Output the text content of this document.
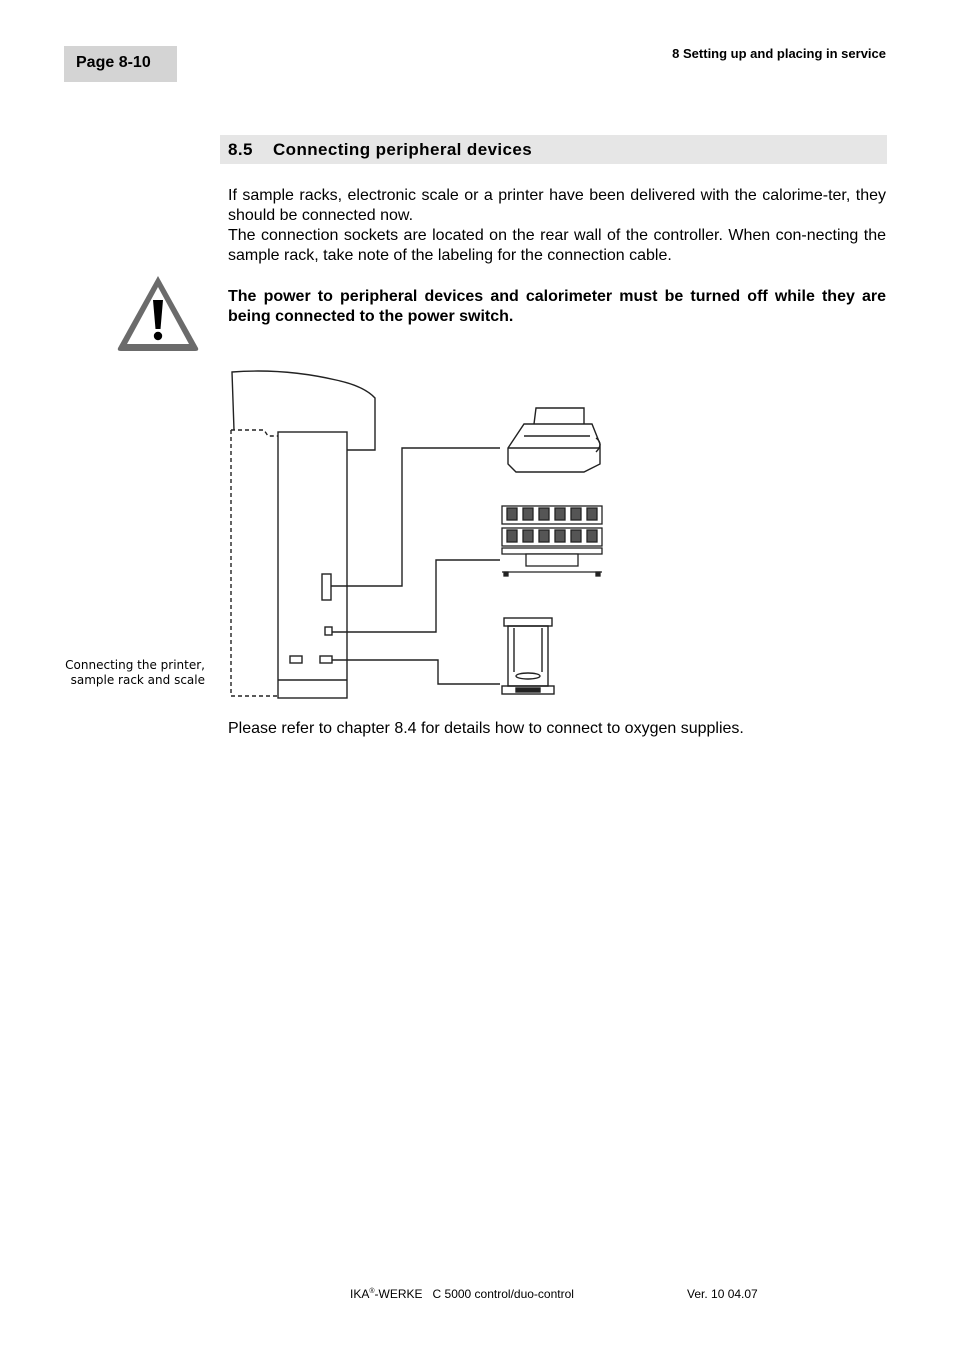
Page 8-10
8 Setting up and placing in service
8.5 Connecting peripheral devices

If sample racks, electronic scale or a printer have been delivered with the calorime-ter, they should be connected now.

The connection sockets are located on the rear wall of the controller. When con-necting the sample rack, take note of the labeling for the connection cable.

The power to peripheral devices and calorimeter must be turned off while they are being connected to the power switch.

Connecting the printer,
sample rack and scale

Please refer to chapter 8.4 for details how to connect to oxygen supplies.

IKA®-WERKE   C 5000 control/duo-control	Ver. 10 04.07
